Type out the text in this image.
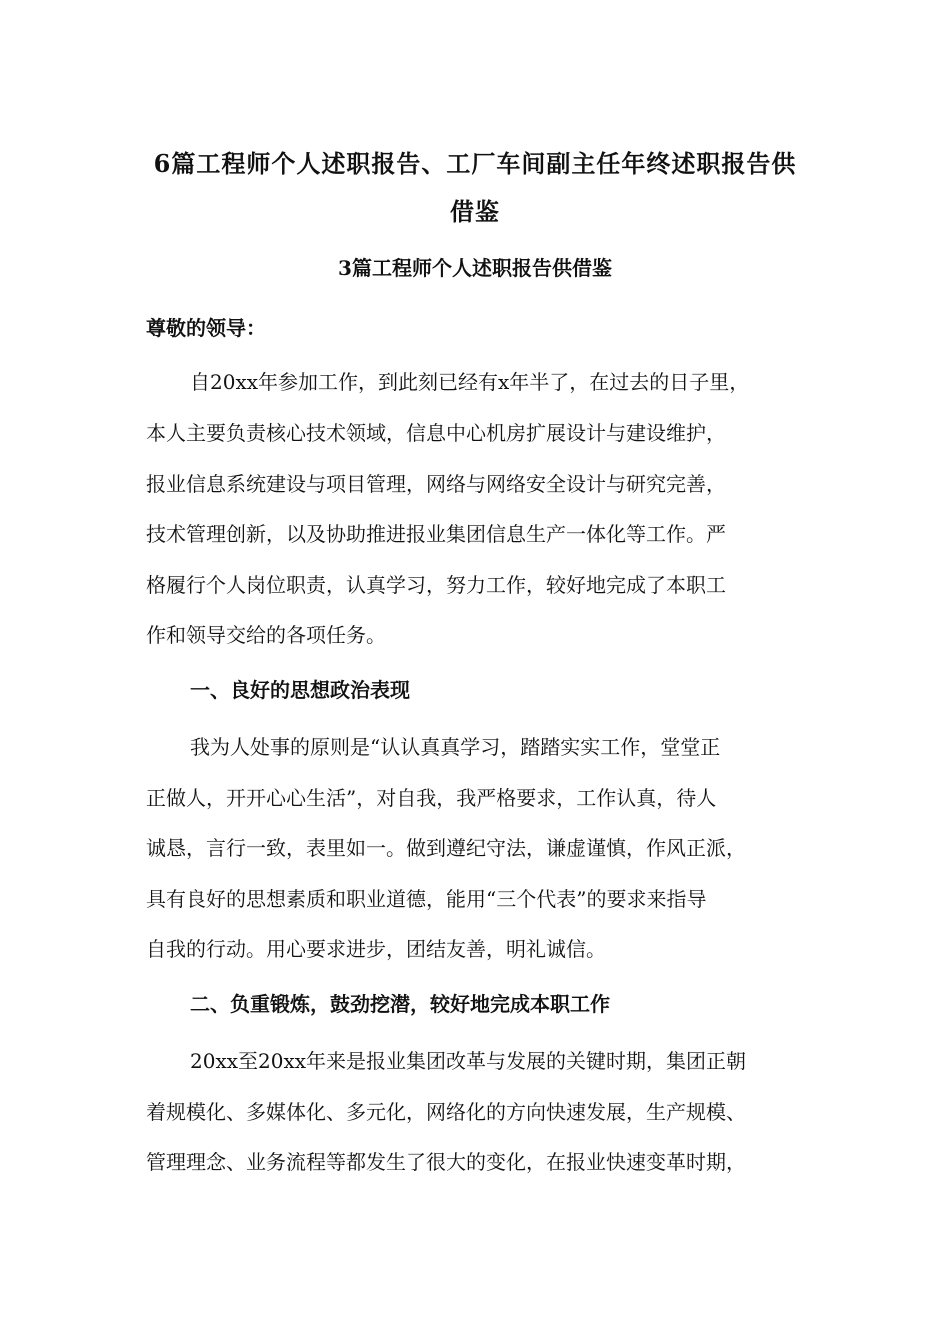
6篇工程师个人述职报告、工厂车间副主任年终述职报告供
借鉴
3篇工程师个人述职报告供借鉴
尊敬的领导：
自20xx年参加工作，到此刻已经有x年半了，在过去的日子里，
本人主要负责核心技术领域，信息中心机房扩展设计与建设维护，
报业信息系统建设与项目管理，网络与网络安全设计与研究完善，
技术管理创新，以及协助推进报业集团信息生产一体化等工作。严
格履行个人岗位职责，认真学习，努力工作，较好地完成了本职工
作和领导交给的各项任务。
一、良好的思想政治表现
我为人处事的原则是“认认真真学习，踏踏实实工作，堂堂正
正做人，开开心心生活”，对自我，我严格要求，工作认真，待人
诚恳，言行一致，表里如一。做到遵纪守法，谦虚谨慎，作风正派，
具有良好的思想素质和职业道德，能用“三个代表”的要求来指导
自我的行动。用心要求进步，团结友善，明礼诚信。
二、负重锻炼，鼓劲挖潜，较好地完成本职工作
20xx至20xx年来是报业集团改革与发展的关键时期，集团正朝
着规模化、多媒体化、多元化，网络化的方向快速发展，生产规模、
管理理念、业务流程等都发生了很大的变化，在报业快速变革时期，
